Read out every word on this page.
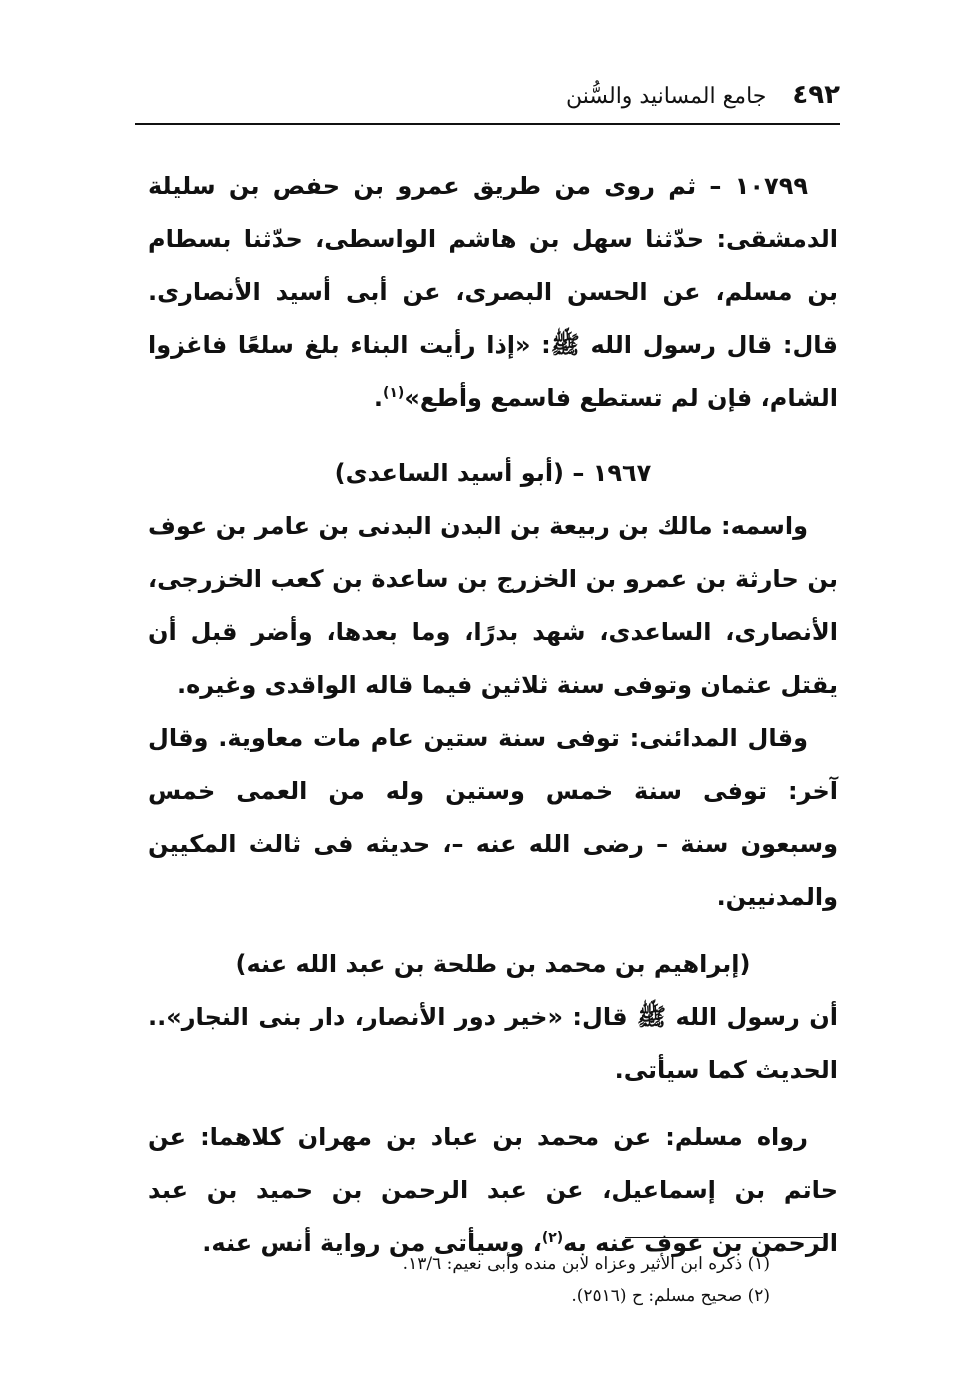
٤٩٢
جامع المسانيد والسُّنن

١٠٧٩٩ – ثم روى من طريق عمرو بن حفص بن سليلة الدمشقى: حدّثنا سهل بن هاشم الواسطى، حدّثنا بسطام بن مسلم، عن الحسن البصرى، عن أبى أسيد الأنصارى. قال: قال رسول الله ﷺ: «إذا رأيت البناء بلغ سلعًا فاغزوا الشام، فإن لم تستطع فاسمع وأطع»$^{(١)}$.

١٩٦٧ – (أبو أسيد الساعدى)

واسمه: مالك بن ربيعة بن البدن البدنى بن عامر بن عوف بن حارثة بن عمرو بن الخزرج بن ساعدة بن كعب الخزرجى، الأنصارى، الساعدى، شهد بدرًا، وما بعدها، وأضر قبل أن يقتل عثمان وتوفى سنة ثلاثين فيما قاله الواقدى وغيره.

وقال المدائنى: توفى سنة ستين عام مات معاوية. وقال آخر: توفى سنة خمس وستين وله من العمى خمس وسبعون سنة – رضى الله عنه –، حديثه فى ثالث المكيين والمدنيين.

(إبراهيم بن محمد بن طلحة بن عبد الله عنه)

أن رسول الله ﷺ قال: «خير دور الأنصار، دار بنى النجار».. الحديث كما سيأتى.

رواه مسلم: عن محمد بن عباد بن مهران كلاهما: عن حاتم بن إسماعيل، عن عبد الرحمن بن حميد بن عبد الرحمن بن عوف عنه به$^{(٢)}$، وسيأتى من رواية أنس عنه.

(١) ذكره ابن الأثير وعزاه لابن منده وأبى نعيم: ١٣/٦.

(٢) صحيح مسلم: ح (٢٥١٦).
